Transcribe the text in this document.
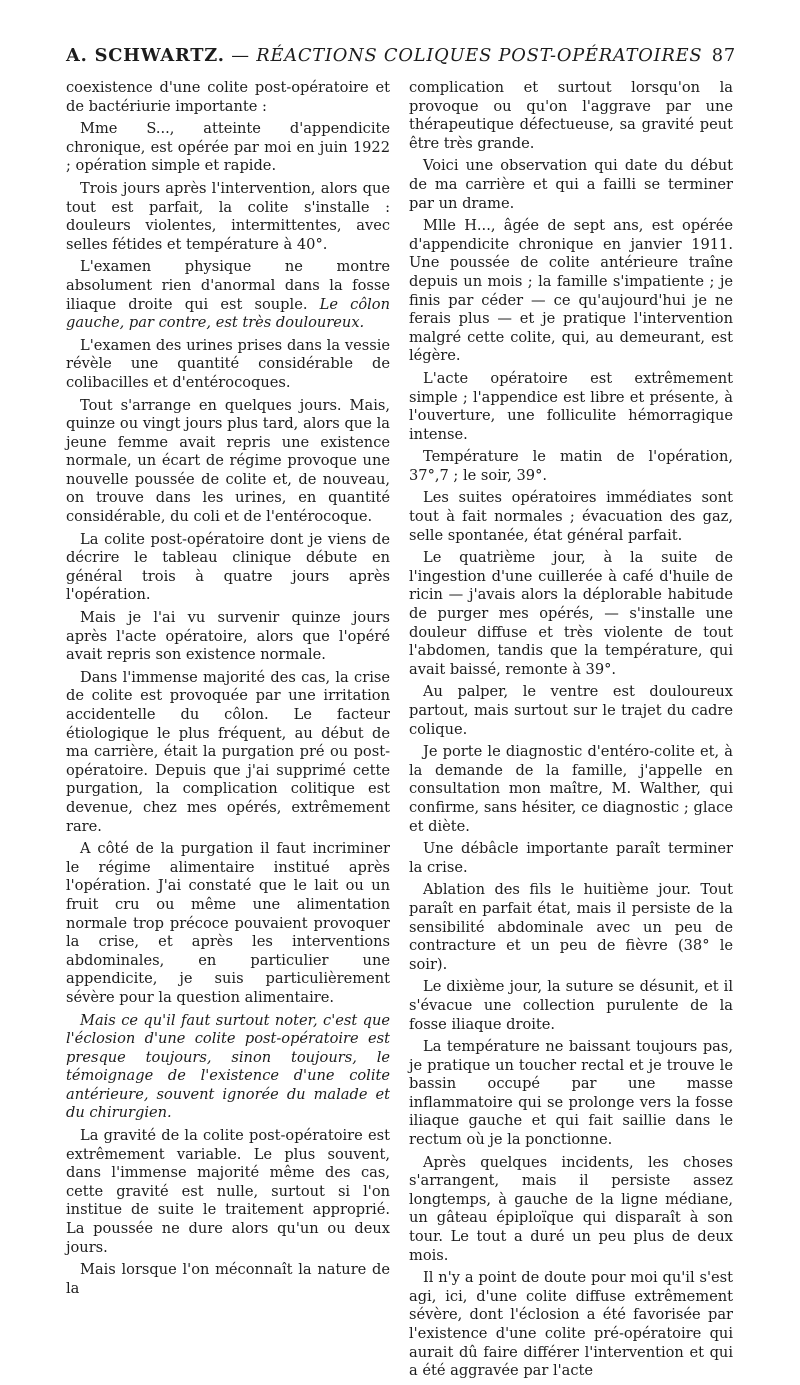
A. SCHWARTZ. — RÉACTIONS COLIQUES POST-OPÉRATOIRES 87

coexistence d'une colite post-opératoire et de bactériurie importante :

Mme S..., atteinte d'appendicite chronique, est opérée par moi en juin 1922 ; opération simple et rapide.

Trois jours après l'intervention, alors que tout est parfait, la colite s'installe : douleurs violentes, intermittentes, avec selles fétides et température à 40°.

L'examen physique ne montre absolument rien d'anormal dans la fosse iliaque droite qui est souple. Le côlon gauche, par contre, est très douloureux.

L'examen des urines prises dans la vessie révèle une quantité considérable de colibacilles et d'entérocoques.

Tout s'arrange en quelques jours. Mais, quinze ou vingt jours plus tard, alors que la jeune femme avait repris une existence normale, un écart de régime provoque une nouvelle poussée de colite et, de nouveau, on trouve dans les urines, en quantité considérable, du coli et de l'entérocoque.

La colite post-opératoire dont je viens de décrire le tableau clinique débute en général trois à quatre jours après l'opération.

Mais je l'ai vu survenir quinze jours après l'acte opératoire, alors que l'opéré avait repris son existence normale.

Dans l'immense majorité des cas, la crise de colite est provoquée par une irritation accidentelle du côlon. Le facteur étiologique le plus fréquent, au début de ma carrière, était la purgation pré ou post-opératoire. Depuis que j'ai supprimé cette purgation, la complication colitique est devenue, chez mes opérés, extrêmement rare.

A côté de la purgation il faut incriminer le régime alimentaire institué après l'opération. J'ai constaté que le lait ou un fruit cru ou même une alimentation normale trop précoce pouvaient provoquer la crise, et après les interventions abdominales, en particulier une appendicite, je suis particulièrement sévère pour la question alimentaire.

Mais ce qu'il faut surtout noter, c'est que l'éclosion d'une colite post-opératoire est presque toujours, sinon toujours, le témoignage de l'existence d'une colite antérieure, souvent ignorée du malade et du chirurgien.

La gravité de la colite post-opératoire est extrêmement variable. Le plus souvent, dans l'immense majorité même des cas, cette gravité est nulle, surtout si l'on institue de suite le traitement approprié. La poussée ne dure alors qu'un ou deux jours.

Mais lorsque l'on méconnaît la nature de la

complication et surtout lorsqu'on la provoque ou qu'on l'aggrave par une thérapeutique défectueuse, sa gravité peut être très grande.

Voici une observation qui date du début de ma carrière et qui a failli se terminer par un drame.

Mlle H..., âgée de sept ans, est opérée d'appendicite chronique en janvier 1911. Une poussée de colite antérieure traîne depuis un mois ; la famille s'impatiente ; je finis par céder — ce qu'aujourd'hui je ne ferais plus — et je pratique l'intervention malgré cette colite, qui, au demeurant, est légère.

L'acte opératoire est extrêmement simple ; l'appendice est libre et présente, à l'ouverture, une folliculite hémorragique intense.

Température le matin de l'opération, 37°,7 ; le soir, 39°.

Les suites opératoires immédiates sont tout à fait normales ; évacuation des gaz, selle spontanée, état général parfait.

Le quatrième jour, à la suite de l'ingestion d'une cuillerée à café d'huile de ricin — j'avais alors la déplorable habitude de purger mes opérés, — s'installe une douleur diffuse et très violente de tout l'abdomen, tandis que la température, qui avait baissé, remonte à 39°.

Au palper, le ventre est douloureux partout, mais surtout sur le trajet du cadre colique.

Je porte le diagnostic d'entéro-colite et, à la demande de la famille, j'appelle en consultation mon maître, M. Walther, qui confirme, sans hésiter, ce diagnostic ; glace et diète.

Une débâcle importante paraît terminer la crise.

Ablation des fils le huitième jour. Tout paraît en parfait état, mais il persiste de la sensibilité abdominale avec un peu de contracture et un peu de fièvre (38° le soir).

Le dixième jour, la suture se désunit, et il s'évacue une collection purulente de la fosse iliaque droite.

La température ne baissant toujours pas, je pratique un toucher rectal et je trouve le bassin occupé par une masse inflammatoire qui se prolonge vers la fosse iliaque gauche et qui fait saillie dans le rectum où je la ponctionne.

Après quelques incidents, les choses s'arrangent, mais il persiste assez longtemps, à gauche de la ligne médiane, un gâteau épiploïque qui disparaît à son tour. Le tout a duré un peu plus de deux mois.

Il n'y a point de doute pour moi qu'il s'est agi, ici, d'une colite diffuse extrêmement sévère, dont l'éclosion a été favorisée par l'existence d'une colite pré-opératoire qui aurait dû faire différer l'intervention et qui a été aggravée par l'acte
